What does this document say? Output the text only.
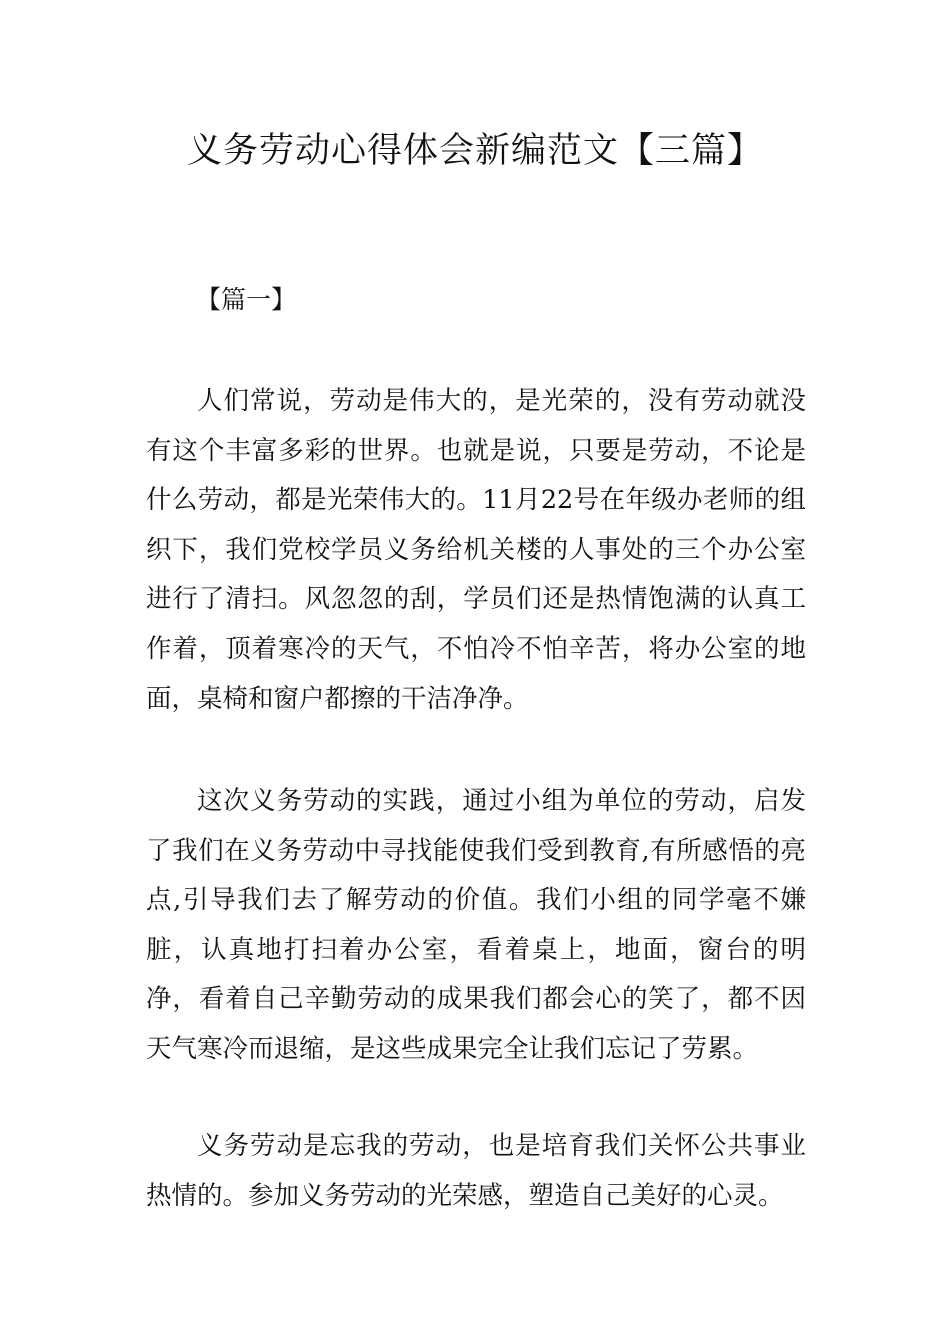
义务劳动心得体会新编范文【三篇】
【篇一】

人们常说，劳动是伟大的，是光荣的，没有劳动就没有这个丰富多彩的世界。也就是说，只要是劳动，不论是什么劳动，都是光荣伟大的。11月22号在年级办老师的组织下，我们党校学员义务给机关楼的人事处的三个办公室进行了清扫。风忽忽的刮，学员们还是热情饱满的认真工作着，顶着寒冷的天气，不怕冷不怕辛苦，将办公室的地面，桌椅和窗户都擦的干洁净净。

这次义务劳动的实践，通过小组为单位的劳动，启发了我们在义务劳动中寻找能使我们受到教育,有所感悟的亮点,引导我们去了解劳动的价值。我们小组的同学毫不嫌脏，认真地打扫着办公室，看着桌上，地面，窗台的明净，看着自己辛勤劳动的成果我们都会心的笑了，都不因天气寒冷而退缩，是这些成果完全让我们忘记了劳累。

义务劳动是忘我的劳动，也是培育我们关怀公共事业热情的。参加义务劳动的光荣感，塑造自己美好的心灵。
